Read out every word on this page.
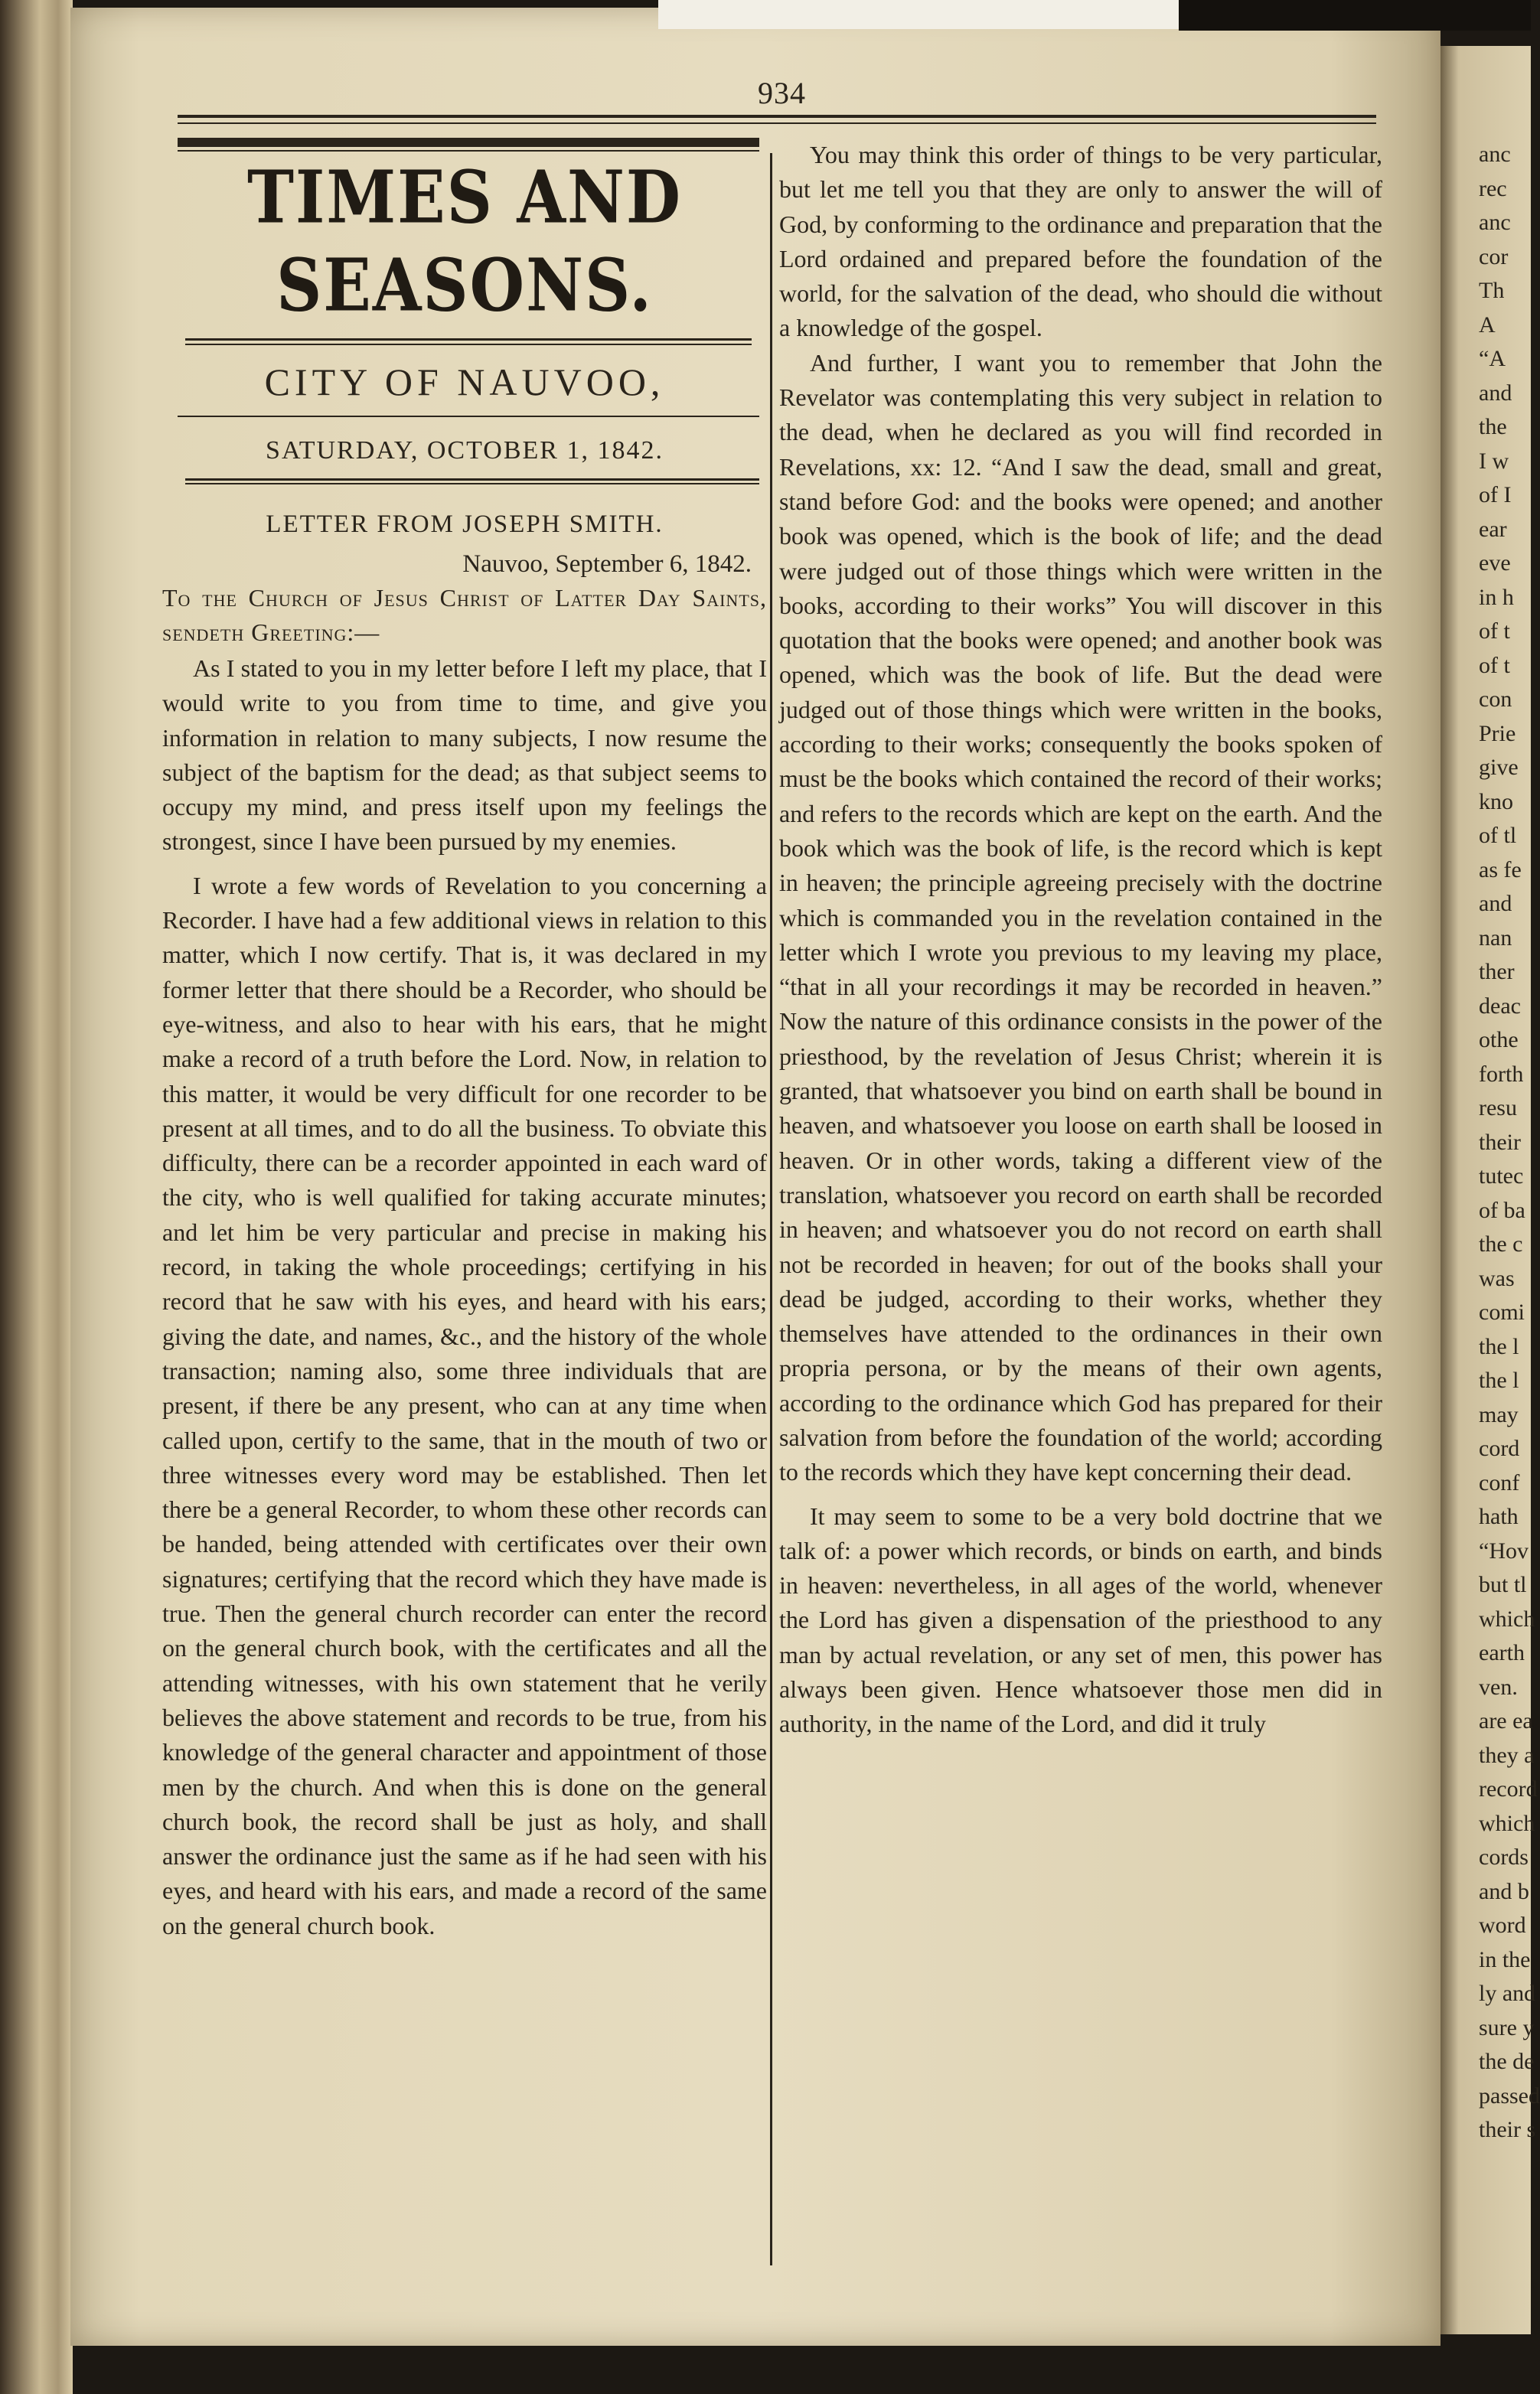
anc
rec
anc
cor
Th
A
“A
and
the
I w
of I
ear
eve
in h
of t
of t
con
Prie
give
kno
of tl
as fe
and
nan
ther
deac
othe
forth
resu
their
tutec
of ba
the c
was
comi
the l
the l
may
cord
conf
hath
“Hov
but tl
which
earth
ven.
are ea
they a
record
which
cords
and b
word
in the
ly and
sure y
the de
passed
their s
934
TIMES AND SEASONS.
CITY OF NAUVOO,
SATURDAY, OCTOBER 1, 1842.
LETTER FROM JOSEPH SMITH.
Nauvoo, September 6, 1842.
To the Church of Jesus Christ of Latter Day Saints, sendeth Greeting:—

As I stated to you in my letter before I left my place, that I would write to you from time to time, and give you information in relation to many subjects, I now resume the subject of the baptism for the dead; as that subject seems to occupy my mind, and press itself upon my feelings the strongest, since I have been pursued by my enemies.

I wrote a few words of Revelation to you concerning a Recorder. I have had a few additional views in relation to this matter, which I now certify. That is, it was declared in my former letter that there should be a Recorder, who should be eye-witness, and also to hear with his ears, that he might make a record of a truth before the Lord. Now, in relation to this matter, it would be very difficult for one recorder to be present at all times, and to do all the business. To obviate this difficulty, there can be a recorder appointed in each ward of the city, who is well qualified for taking accurate minutes; and let him be very particular and precise in making his record, in taking the whole proceedings; certifying in his record that he saw with his eyes, and heard with his ears; giving the date, and names, &c., and the history of the whole transaction; naming also, some three individuals that are present, if there be any present, who can at any time when called upon, certify to the same, that in the mouth of two or three witnesses every word may be established. Then let there be a general Recorder, to whom these other records can be handed, being attended with certificates over their own signatures; certifying that the record which they have made is true. Then the general church recorder can enter the record on the general church book, with the certificates and all the attending witnesses, with his own statement that he verily believes the above statement and records to be true, from his knowledge of the general character and appointment of those men by the church. And when this is done on the general church book, the record shall be just as holy, and shall answer the ordinance just the same as if he had seen with his eyes, and heard with his ears, and made a record of the same on the general church book.

You may think this order of things to be very particular, but let me tell you that they are only to answer the will of God, by conforming to the ordinance and preparation that the Lord ordained and prepared before the foundation of the world, for the salvation of the dead, who should die without a knowledge of the gospel.

And further, I want you to remember that John the Revelator was contemplating this very subject in relation to the dead, when he declared as you will find recorded in Revelations, xx: 12. “And I saw the dead, small and great, stand before God: and the books were opened; and another book was opened, which is the book of life; and the dead were judged out of those things which were written in the books, according to their works” You will discover in this quotation that the books were opened; and another book was opened, which was the book of life. But the dead were judged out of those things which were written in the books, according to their works; consequently the books spoken of must be the books which contained the record of their works; and refers to the records which are kept on the earth. And the book which was the book of life, is the record which is kept in heaven; the principle agreeing precisely with the doctrine which is commanded you in the revelation contained in the letter which I wrote you previous to my leaving my place, “that in all your recordings it may be recorded in heaven.” Now the nature of this ordinance consists in the power of the priesthood, by the revelation of Jesus Christ; wherein it is granted, that whatsoever you bind on earth shall be bound in heaven, and whatsoever you loose on earth shall be loosed in heaven. Or in other words, taking a different view of the translation, whatsoever you record on earth shall be recorded in heaven; and whatsoever you do not record on earth shall not be recorded in heaven; for out of the books shall your dead be judged, according to their works, whether they themselves have attended to the ordinances in their own propria persona, or by the means of their own agents, according to the ordinance which God has prepared for their salvation from before the foundation of the world; according to the records which they have kept concerning their dead.

It may seem to some to be a very bold doctrine that we talk of: a power which records, or binds on earth, and binds in heaven: nevertheless, in all ages of the world, whenever the Lord has given a dispensation of the priesthood to any man by actual revelation, or any set of men, this power has always been given. Hence whatsoever those men did in authority, in the name of the Lord, and did it truly
